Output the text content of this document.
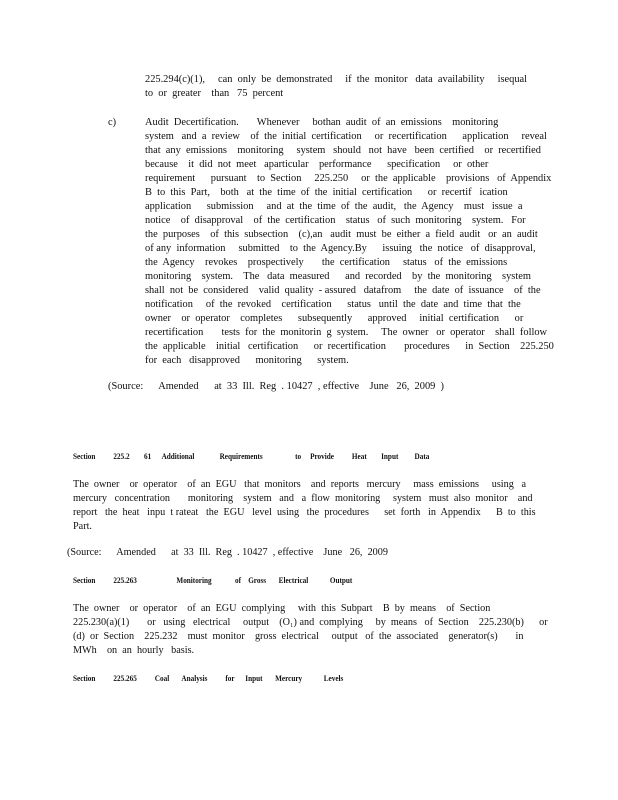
225.294(c)(1),     can  only  be  demonstrated     if  the  monitor   data  availability     isequal
to  or  greater    than   75  percent
c)	Audit  Decertification.       Whenever     bothan  audit  of  an  emissions    monitoring
system   and  a  review    of  the  initial  certification     or  recertification      application     reveal
that  any  emissions    monitoring     system   should   not  have   been  certified    or  recertified
because    it  did  not  meet   aparticular    performance      specification     or  other
requirement      pursuant    to  Section     225.250     or  the  applicable    provisions   of  Appendix
B  to  this  Part,    both   at  the  time  of  the  initial  certification      or  recertif   ication
application      submission     and  at  the  time  of  the  audit,   the  Agency    must   issue  a
notice    of  disapproval    of  the  certification    status   of  such  monitoring    system.   For
the  purposes    of  this  subsection    (c),an   audit  must  be  either  a  field  audit   or  an  audit
of any  information     submitted    to  the  Agency.By      issuing   the  notice   of  disapproval,
the  Agency    revokes    prospectively       the  certification     status   of  the  emissions
monitoring    system.    The   data  measured      and  recorded    by  the  monitoring    system
shall  not  be  considered    valid  quality  - assured   datafrom     the  date  of  issuance    of  the
notification     of  the  revoked    certification      status   until  the  date  and  time  that  the
owner    or  operator    completes      subsequently      approved     initial  certification      or
recertification       tests  for  the  monitorin  g  system.     The  owner   or  operator    shall  follow
the  applicable    initial   certification      or  recertification       procedures      in  Section    225.250
for  each   disapproved      monitoring      system.
(Source:      Amended      at  33  Ill.  Reg  . 10427  , effective    June   26,  2009  )
Section          225.2        61      Additional              Requirements                  to     Provide          Heat        Input         Data
The  owner    or  operator    of  an  EGU   that  monitors    and  reports   mercury     mass  emissions     using   a
mercury   concentration       monitoring    system   and   a  flow  monitoring     system   must  also  monitor    and
report   the  heat   inpu  t rateat   the  EGU   level  using   the  procedures      set  forth   in  Appendix      B  to  this
Part.
(Source:      Amended      at  33  Ill.  Reg  . 10427  , effective    June   26,  2009
Section          225.263                      Monitoring             of    Gross       Electrical            Output
The  owner    or  operator    of  an  EGU  complying     with  this  Subpart    B  by  means    of  Section
225.230(a)(1)       or   using   electrical     output    (O₁) and  complying     by  means   of  Section    225.230(b)      or
(d)  or  Section    225.232    must  monitor    gross  electrical     output   of  the  associated    generator(s)       in
MWh    on  an  hourly   basis.
Section          225.265          Coal       Analysis          for      Input       Mercury            Levels
